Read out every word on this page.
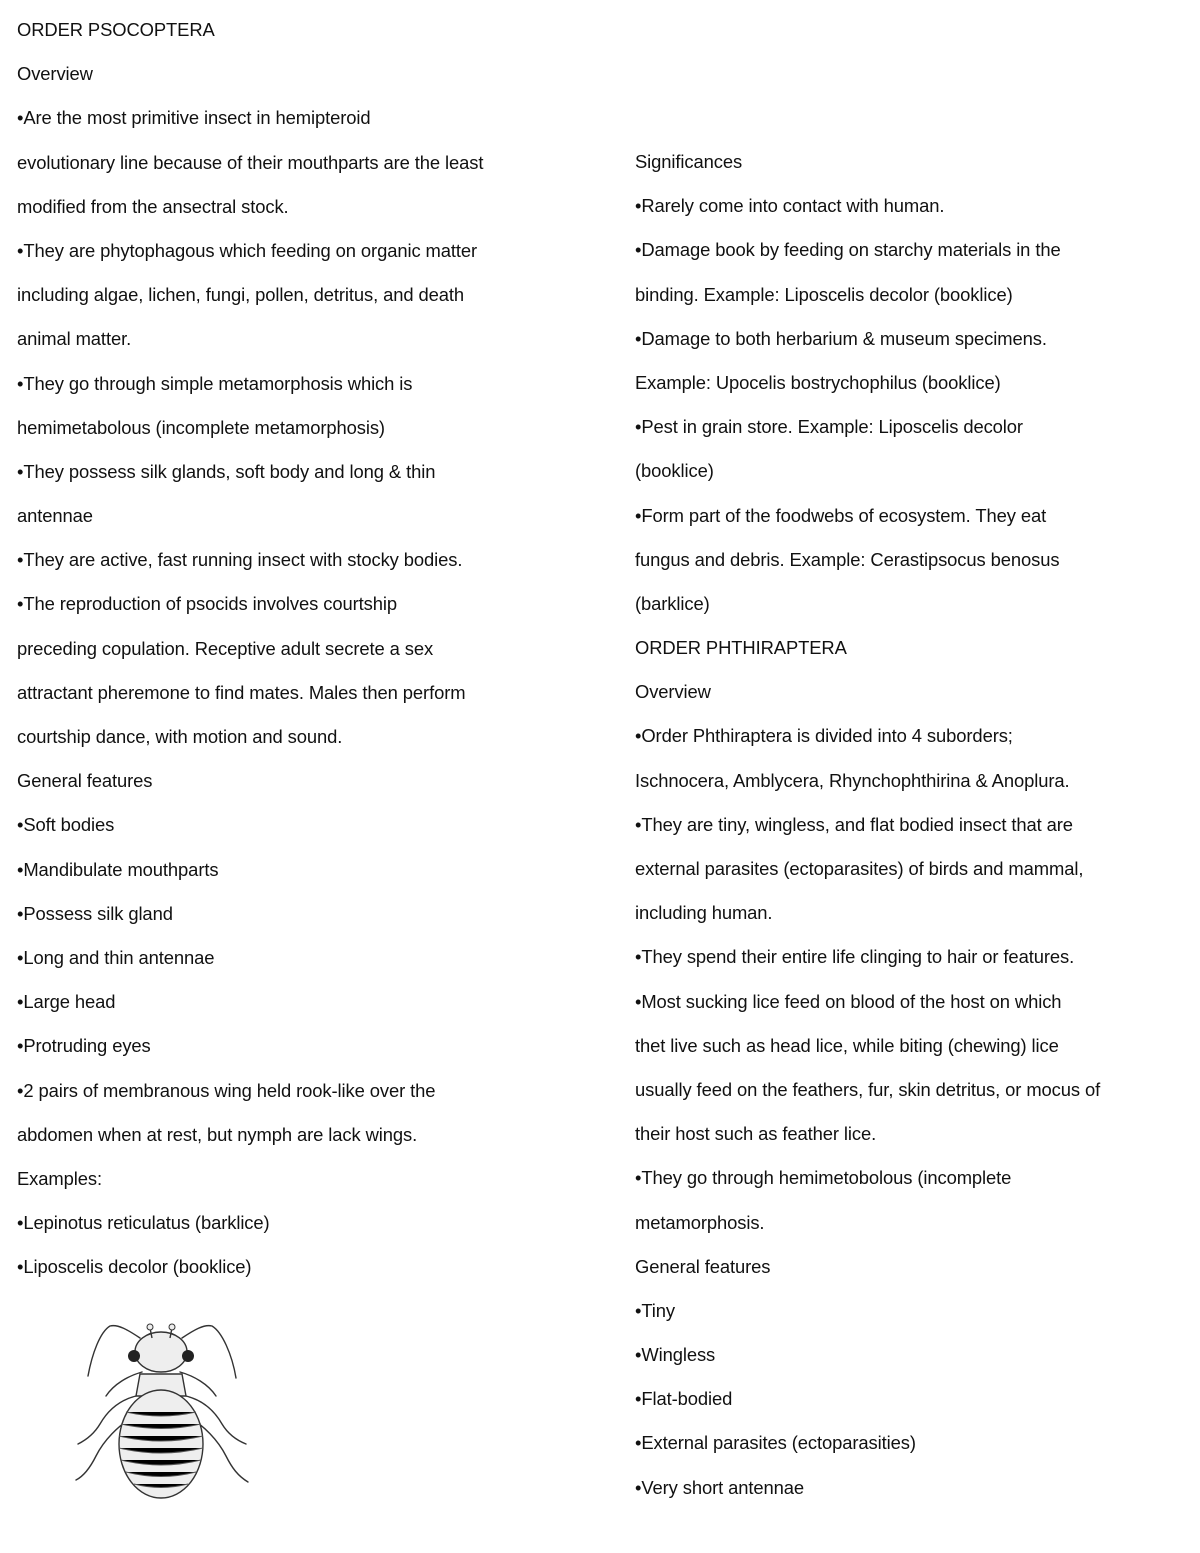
ORDER PSOCOPTERA
Overview
•Are the most primitive insect in hemipteroid
evolutionary line because of their mouthparts are the least
modified from the ansectral stock.
•They are phytophagous which feeding on organic matter
including algae, lichen, fungi, pollen, detritus, and death
animal matter.
•They go through simple metamorphosis which is
hemimetabolous (incomplete metamorphosis)
•They possess silk glands, soft body and long & thin
antennae
•They are active, fast running insect with stocky bodies.
•The reproduction of psocids involves courtship
preceding copulation. Receptive adult secrete a sex
attractant pheremone to find mates. Males then perform
courtship dance, with motion and sound.
General features
•Soft bodies
•Mandibulate mouthparts
•Possess silk gland
•Long and thin antennae
•Large head
•Protruding eyes
•2 pairs of membranous wing held rook-like over the
abdomen when at rest, but nymph are lack wings.
Examples:
•Lepinotus reticulatus (barklice)
•Liposcelis decolor (booklice)
Significances
•Rarely come into contact with human.
•Damage book by feeding on starchy materials in the
binding. Example: Liposcelis decolor (booklice)
•Damage to both herbarium & museum specimens.
Example: Upocelis bostrychophilus (booklice)
•Pest in grain store. Example: Liposcelis decolor
(booklice)
•Form part of the foodwebs of ecosystem. They eat
fungus and debris. Example: Cerastipsocus benosus
(barklice)
ORDER PHTHIRAPTERA
Overview
•Order Phthiraptera is divided into 4 suborders;
Ischnocera, Amblycera, Rhynchophthirina & Anoplura.
•They are tiny, wingless, and flat bodied insect that are
external parasites (ectoparasites) of birds and mammal,
including human.
•They spend their entire life clinging to hair or features.
•Most sucking lice feed on blood of the host on which
thet live such as head lice, while biting (chewing) lice
usually feed on the feathers, fur, skin detritus, or mocus of
their host such as feather lice.
•They go through hemimetobolous (incomplete
metamorphosis.
General features
•Tiny
•Wingless
•Flat-bodied
•External parasites (ectoparasities)
•Very short antennae
